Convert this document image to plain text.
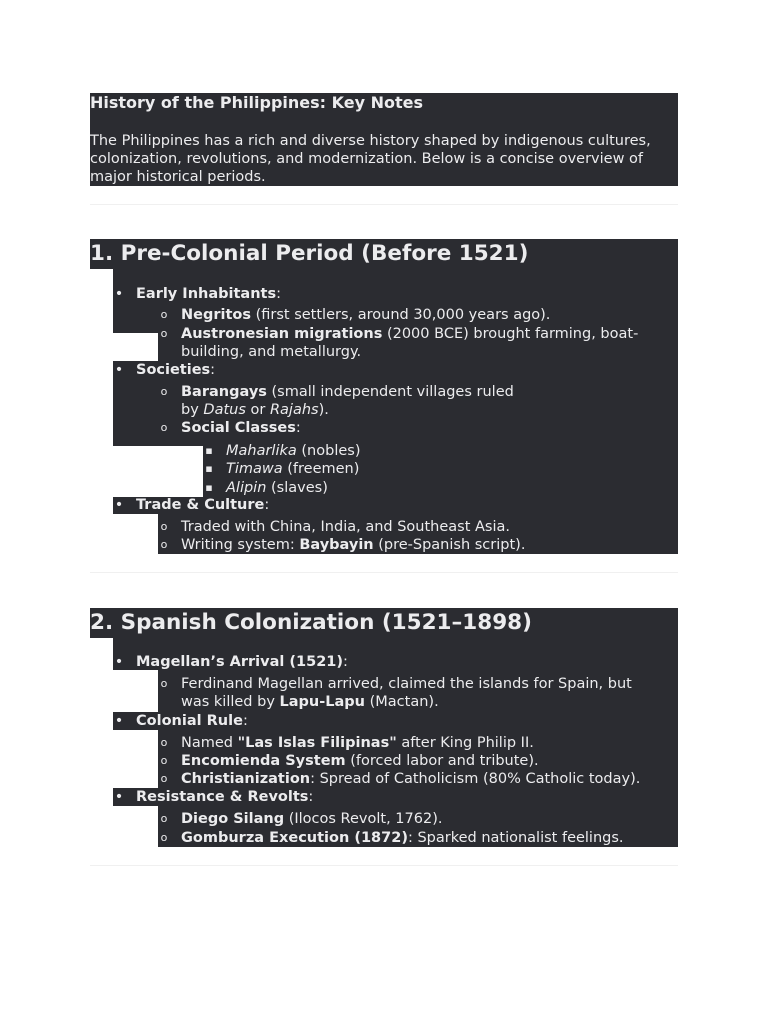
History of the Philippines: Key Notes

The Philippines has a rich and diverse history shaped by indigenous cultures, colonization, revolutions, and modernization. Below is a concise overview of major historical periods.

1. Pre-Colonial Period (Before 1521)
• Early Inhabitants:
o Negritos (first settlers, around 30,000 years ago).
o Austronesian migrations (2000 BCE) brought farming, boat-
building, and metallurgy.
• Societies:
o Barangays (small independent villages ruled
by Datus or Rajahs).
o Social Classes:
▪ Maharlika (nobles)
▪ Timawa (freemen)
▪ Alipin (slaves)
• Trade & Culture:
o Traded with China, India, and Southeast Asia.
o Writing system: Baybayin (pre-Spanish script).
2. Spanish Colonization (1521–1898)
• Magellan’s Arrival (1521):
o Ferdinand Magellan arrived, claimed the islands for Spain, but
was killed by Lapu-Lapu (Mactan).
• Colonial Rule:
o Named "Las Islas Filipinas" after King Philip II.
o Encomienda System (forced labor and tribute).
o Christianization: Spread of Catholicism (80% Catholic today).
• Resistance & Revolts:
o Diego Silang (Ilocos Revolt, 1762).
o Gomburza Execution (1872): Sparked nationalist feelings.
